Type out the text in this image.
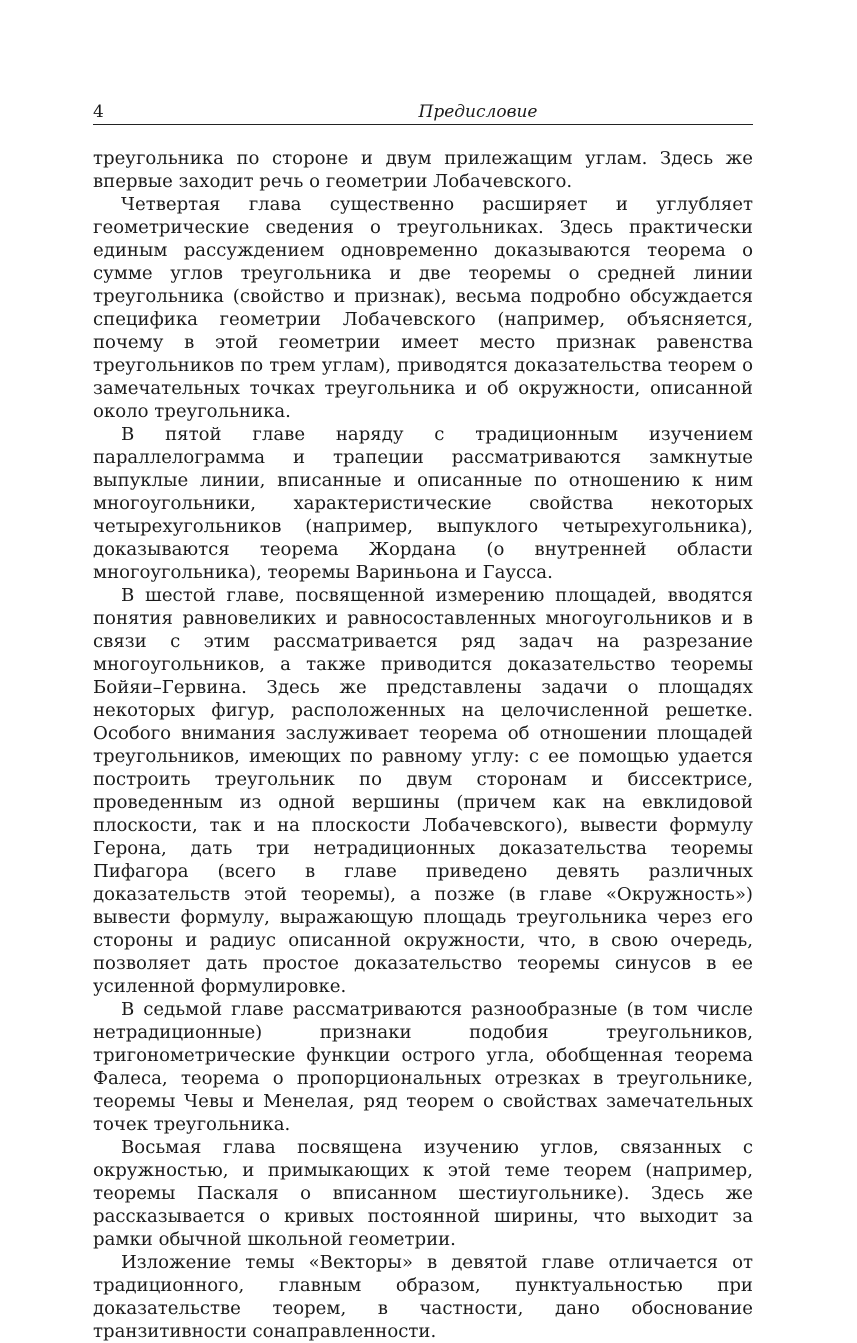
4	Предисловие

треугольника по стороне и двум прилежащим углам. Здесь же впервые заходит речь о геометрии Лобачевского.

Четвертая глава существенно расширяет и углубляет геометрические сведения о треугольниках. Здесь практически единым рассуждением одновременно доказываются теорема о сумме углов треугольника и две теоремы о средней линии треугольника (свойство и признак), весьма подробно обсуждается специфика геометрии Лобачевского (например, объясняется, почему в этой геометрии имеет место признак равенства треугольников по трем углам), приводятся доказательства теорем о замечательных точках треугольника и об окружности, описанной около треугольника.

В пятой главе наряду с традиционным изучением параллелограмма и трапеции рассматриваются замкнутые выпуклые линии, вписанные и описанные по отношению к ним многоугольники, характеристические свойства некоторых четырехугольников (например, выпуклого четырехугольника), доказываются теорема Жордана (о внутренней области многоугольника), теоремы Вариньона и Гаусса.

В шестой главе, посвященной измерению площадей, вводятся понятия равновеликих и равносоставленных многоугольников и в связи с этим рассматривается ряд задач на разрезание многоугольников, а также приводится доказательство теоремы Бойяи–Гервина. Здесь же представлены задачи о площадях некоторых фигур, расположенных на целочисленной решетке. Особого внимания заслуживает теорема об отношении площадей треугольников, имеющих по равному углу: с ее помощью удается построить треугольник по двум сторонам и биссектрисе, проведенным из одной вершины (причем как на евклидовой плоскости, так и на плоскости Лобачевского), вывести формулу Герона, дать три нетрадиционных доказательства теоремы Пифагора (всего в главе приведено девять различных доказательств этой теоремы), а позже (в главе «Окружность») вывести формулу, выражающую площадь треугольника через его стороны и радиус описанной окружности, что, в свою очередь, позволяет дать простое доказательство теоремы синусов в ее усиленной формулировке.

В седьмой главе рассматриваются разнообразные (в том числе нетрадиционные) признаки подобия треугольников, тригонометрические функции острого угла, обобщенная теорема Фалеса, теорема о пропорциональных отрезках в треугольнике, теоремы Чевы и Менелая, ряд теорем о свойствах замечательных точек треугольника.

Восьмая глава посвящена изучению углов, связанных с окружностью, и примыкающих к этой теме теорем (например, теоремы Паскаля о вписанном шестиугольнике). Здесь же рассказывается о кривых постоянной ширины, что выходит за рамки обычной школьной геометрии.

Изложение темы «Векторы» в девятой главе отличается от традиционного, главным образом, пунктуальностью при доказательстве теорем, в частности, дано обоснование транзитивности сонаправленности.
